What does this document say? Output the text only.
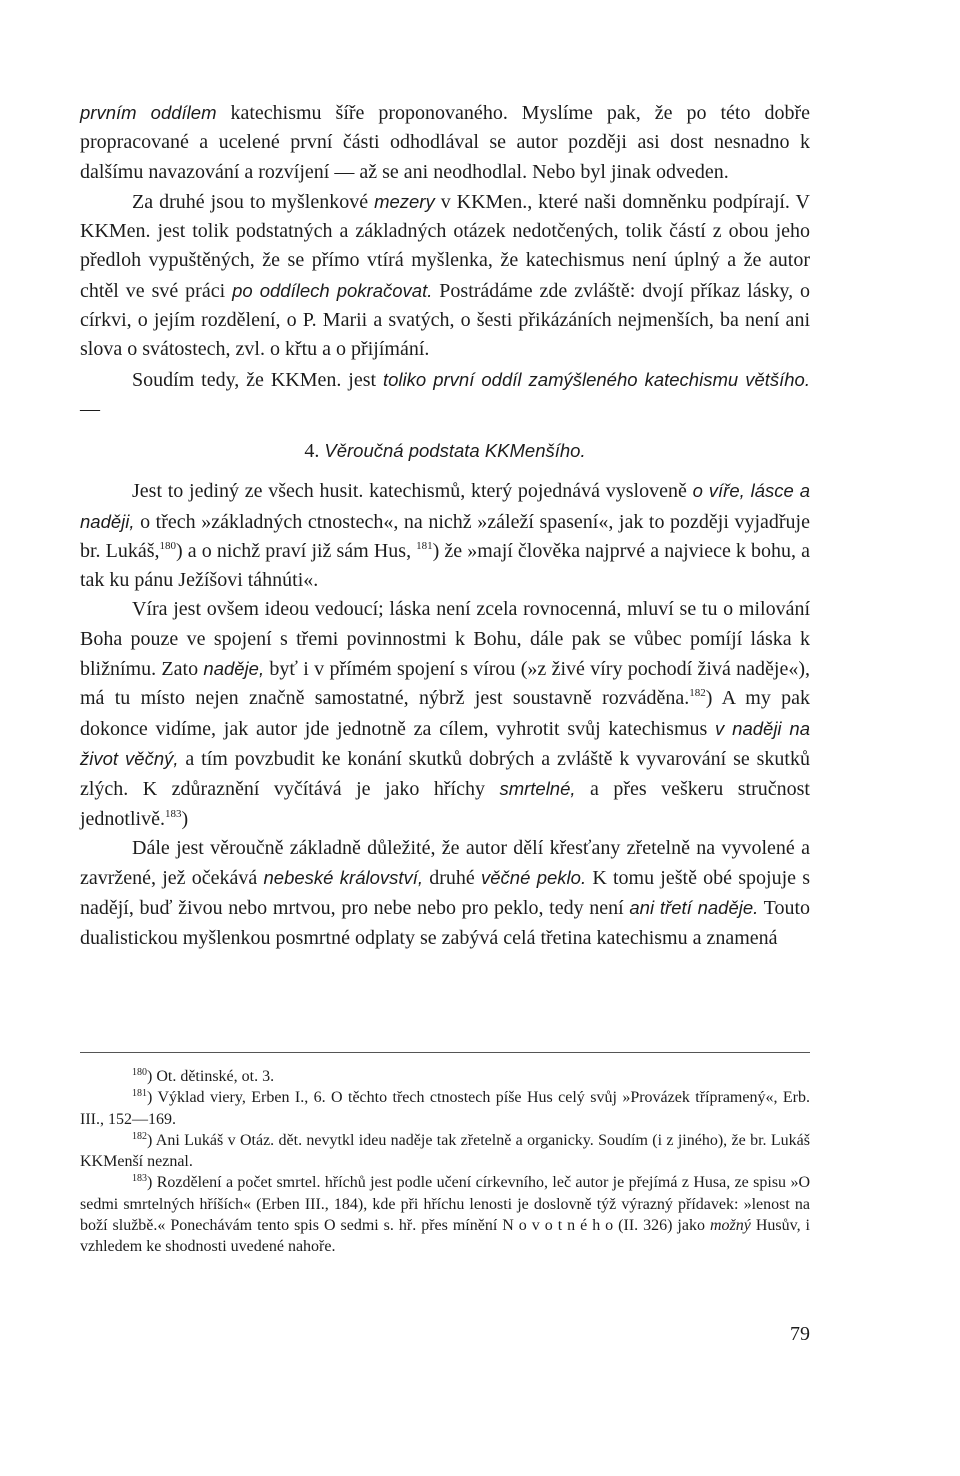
prvním oddílem katechismu šíře proponovaného. Myslíme pak, že po této dobře propracované a ucelené první části odhodlával se autor později asi dost nesnadno k dalšímu navazování a rozvíjení — až se ani neodhodlal. Nebo byl jinak odveden.

Za druhé jsou to myšlenkové mezery v KKMen., které naši domněnku podpírají. V KKMen. jest tolik podstatných a základných otázek nedotčených, tolik částí z obou jeho předloh vypuštěných, že se přímo vtírá myšlenka, že katechismus není úplný a že autor chtěl ve své práci po oddílech pokračovat. Postrádáme zde zvláště: dvojí příkaz lásky, o církvi, o jejím rozdělení, o P. Marii a svatých, o šesti přikázáních nejmenších, ba není ani slova o svátostech, zvl. o křtu a o přijímání.

Soudím tedy, že KKMen. jest toliko první oddíl zamýšleného katechismu většího. —

4. Věroučná podstata KKMenšího.

Jest to jediný ze všech husit. katechismů, který pojednává vysloveně o víře, lásce a naději, o třech »základných ctnostech«, na nichž »záleží spasení«, jak to později vyjadřuje br. Lukáš,$^{180}$) a o nichž praví již sám Hus, $^{181}$) že »mají člověka najprvé a najviece k bohu, a tak ku pánu Ježíšovi táhnúti«.

Víra jest ovšem ideou vedoucí; láska není zcela rovnocenná, mluví se tu o milování Boha pouze ve spojení s třemi povinnostmi k Bohu, dále pak se vůbec pomíjí láska k bližnímu. Zato naděje, byť i v přímém spojení s vírou (»z živé víry pochodí živá naděje«), má tu místo nejen značně samostatné, nýbrž jest soustavně rozváděna.$^{182}$) A my pak dokonce vidíme, jak autor jde jednotně za cílem, vyhrotit svůj katechismus v naději na život věčný, a tím povzbudit ke konání skutků dobrých a zvláště k vyvarování se skutků zlých. K zdůraznění vyčítává je jako hříchy smrtelné, a přes veškeru stručnost jednotlivě.$^{183}$)

Dále jest věroučně základně důležité, že autor dělí křesťany zřetelně na vyvolené a zavržené, jež očekává nebeské království, druhé věčné peklo. K tomu ještě obé spojuje s nadějí, buď živou nebo mrtvou, pro nebe nebo pro peklo, tedy není ani třetí naděje. Touto dualistickou myšlenkou posmrtné odplaty se zabývá celá třetina katechismu a znamená

$^{180}$) Ot. dětinské, ot. 3.

$^{181}$) Výklad viery, Erben I., 6. O těchto třech ctnostech píše Hus celý svůj »Provázek třípramený«, Erb. III., 152—169.

$^{182}$) Ani Lukáš v Otáz. dět. nevytkl ideu naděje tak zřetelně a organicky. Soudím (i z jiného), že br. Lukáš KKMenší neznal.

$^{183}$) Rozdělení a počet smrtel. hříchů jest podle učení církevního, leč autor je přejímá z Husa, ze spisu »O sedmi smrtelných hříších« (Erben III., 184), kde při hříchu lenosti je doslovně týž výrazný přídavek: »lenost na boží službě.« Ponechávám tento spis O sedmi s. hř. přes mínění N o v o t n é h o (II. 326) jako možný Husův, i vzhledem ke shodnosti uvedené nahoře.

79
